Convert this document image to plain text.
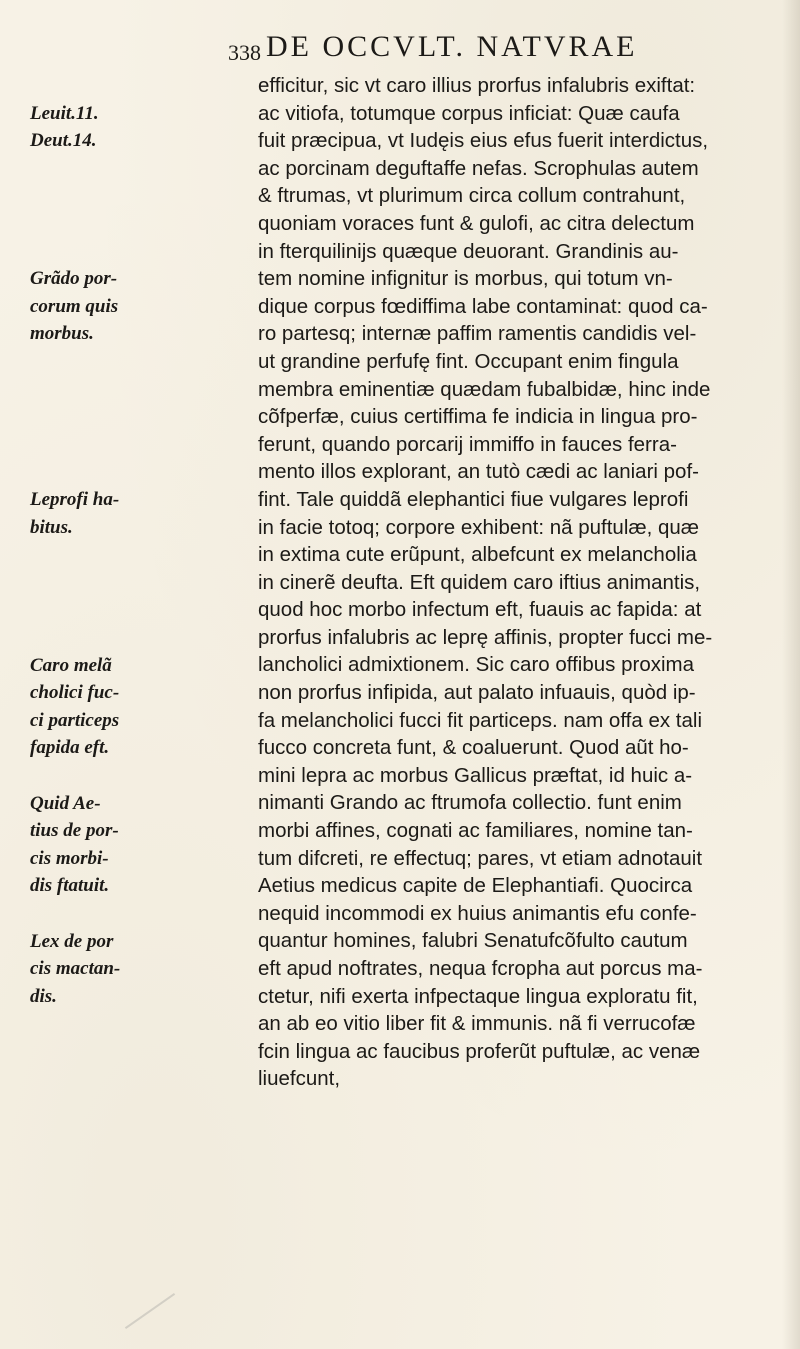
338 DE OCCVLT. NATVRAE
Leuit.11.
Deut.14.
Grãdo por-
corum quis
morbus.
Leprofi ha-
bitus.
Caro melã
cholici fuc-
ci particeps
fapida eft.
Quid Ae-
tius de por-
cis morbi-
dis ftatuit.
Lex de por
cis mactan-
dis.
efficitur, sic vt caro illius prorfus infalubris exiftat:
ac vitiofa, totumque corpus inficiat: Quæ caufa
fuit præcipua, vt Iudęis eius efus fuerit interdictus,
ac porcinam deguftaffe nefas. Scrophulas autem
& ftrumas, vt plurimum circa collum contrahunt,
quoniam voraces funt & gulofi, ac citra delectum
in fterquilinijs quæque deuorant. Grandinis au-
tem nomine infignitur is morbus, qui totum vn-
dique corpus fœdiffima labe contaminat: quod ca-
ro partesq; internæ paffim ramentis candidis vel-
ut grandine perfufę fint. Occupant enim fingula
membra eminentiæ quædam fubalbidæ, hinc inde
cõfperfæ, cuius certiffima fe indicia in lingua pro-
ferunt, quando porcarij immiffo in fauces ferra-
mento illos explorant, an tutò cædi ac laniari pof-
fint. Tale quiddã elephantici fiue vulgares leprofi
in facie totoq; corpore exhibent: nã puftulæ, quæ
in extima cute erũpunt, albefcunt ex melancholia
in cinerẽ deufta. Eft quidem caro iftius animantis,
quod hoc morbo infectum eft, fuauis ac fapida: at
prorfus infalubris ac leprę affinis, propter fucci me-
lancholici admixtionem. Sic caro offibus proxima
non prorfus infipida, aut palato infuauis, quòd ip-
fa melancholici fucci fit particeps. nam offa ex tali
fucco concreta funt, & coaluerunt. Quod aũt ho-
mini lepra ac morbus Gallicus præftat, id huic a-
nimanti Grando ac ftrumofa collectio. funt enim
morbi affines, cognati ac familiares, nomine tan-
tum difcreti, re effectuq; pares, vt etiam adnotauit
Aetius medicus capite de Elephantiafi. Quocirca
nequid incommodi ex huius animantis efu confe-
quantur homines, falubri Senatufcõfulto cautum
eft apud noftrates, nequa fcropha aut porcus ma-
ctetur, nifi exerta infpectaque lingua exploratu fit,
an ab eo vitio liber fit & immunis. nã fi verrucofæ
fcin lingua ac faucibus proferũt puftulæ, ac venæ
liuefcunt,
